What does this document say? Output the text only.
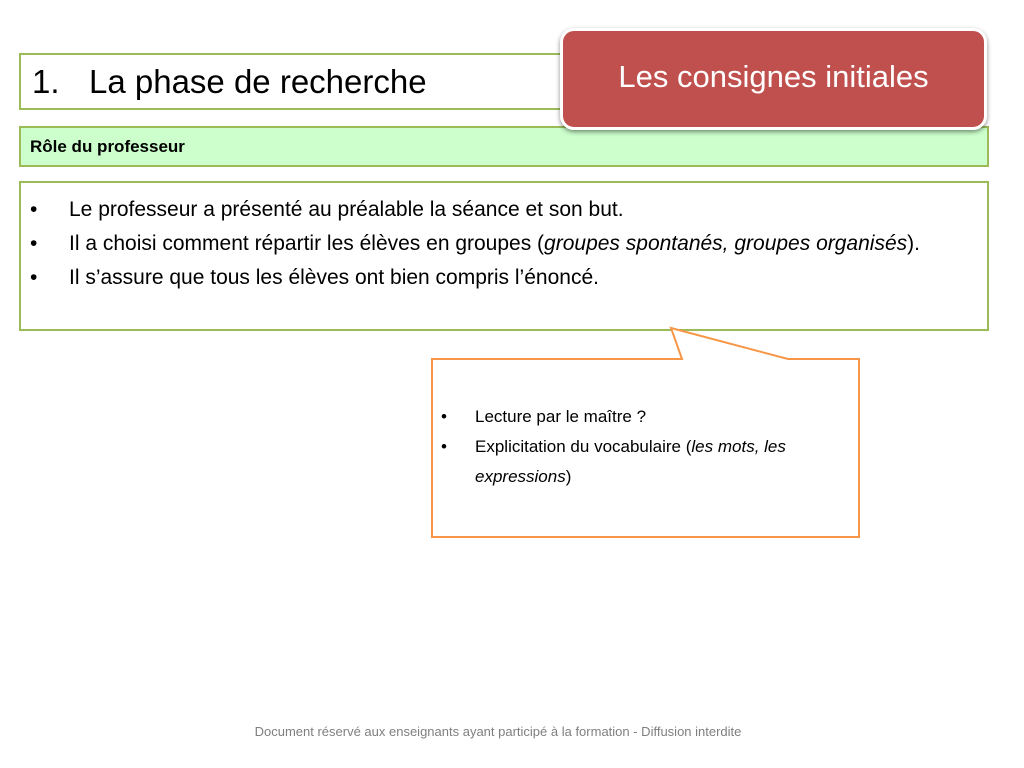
1. La phase de recherche
Rôle du professeur
• Le professeur a présenté au préalable la séance et son but.
• Il a choisi comment répartir les élèves en groupes (groupes spontanés, groupes organisés).
• Il s’assure que tous les élèves ont bien compris l’énoncé.
• Lecture par le maître ?
• Explicitation du vocabulaire (les mots, les expressions)
Les consignes initiales
Document réservé aux enseignants ayant participé à la formation - Diffusion interdite
